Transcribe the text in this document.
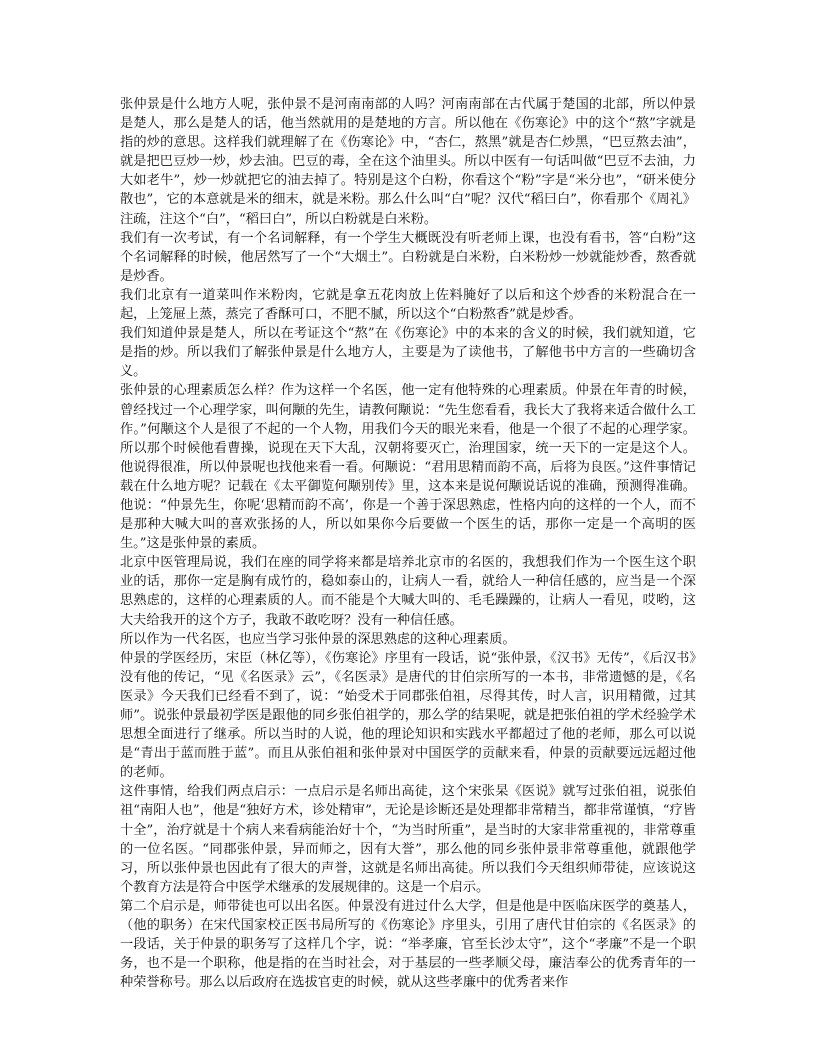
张仲景是什么地方人呢，张仲景不是河南南部的人吗？河南南部在古代属于楚国的北部，所以仲景是楚人，那么是楚人的话，他当然就用的是楚地的方言。所以他在《伤寒论》中的这个“熬”字就是指的炒的意思。这样我们就理解了在《伤寒论》中，“杏仁，熬黑”就是杏仁炒黑，“巴豆熬去油”，就是把巴豆炒一炒，炒去油。巴豆的毒，全在这个油里头。所以中医有一句话叫做“巴豆不去油，力大如老牛”，炒一炒就把它的油去掉了。特别是这个白粉，你看这个“粉”字是“米分也”，“研米使分散也”，它的本意就是米的细末，就是米粉。那么什么叫“白”呢？汉代“稻曰白”，你看那个《周礼》注疏，注这个“白”，“稻曰白”，所以白粉就是白米粉。

我们有一次考试，有一个名词解释，有一个学生大概既没有听老师上课，也没有看书，答“白粉”这个名词解释的时候，他居然写了一个“大烟土”。白粉就是白米粉，白米粉炒一炒就能炒香，熬香就是炒香。

我们北京有一道菜叫作米粉肉，它就是拿五花肉放上佐料腌好了以后和这个炒香的米粉混合在一起，上笼屉上蒸，蒸完了香酥可口，不肥不腻，所以这个“白粉熬香”就是炒香。

我们知道仲景是楚人，所以在考证这个“熬”在《伤寒论》中的本来的含义的时候，我们就知道，它是指的炒。所以我们了解张仲景是什么地方人，主要是为了读他书，了解他书中方言的一些确切含义。

张仲景的心理素质怎么样？作为这样一个名医，他一定有他特殊的心理素质。仲景在年青的时候，曾经找过一个心理学家，叫何颙的先生，请教何颙说：“先生您看看，我长大了我将来适合做什么工作。”何颙这个人是很了不起的一个人物，用我们今天的眼光来看，他是一个很了不起的心理学家。所以那个时候他看曹操，说现在天下大乱，汉朝将要灭亡，治理国家，统一天下的一定是这个人。他说得很准，所以仲景呢也找他来看一看。何颙说：“君用思精而韵不高，后将为良医。”这件事情记载在什么地方呢？记载在《太平御览何颙别传》里，这本来是说何颙说话说的准确，预测得准确。他说：“仲景先生，你呢‘思精而韵不高’，你是一个善于深思熟虑，性格内向的这样的一个人，而不是那种大喊大叫的喜欢张扬的人，所以如果你今后要做一个医生的话，那你一定是一个高明的医生。”这是张仲景的素质。

北京中医管理局说，我们在座的同学将来都是培养北京市的名医的，我想我们作为一个医生这个职业的话，那你一定是胸有成竹的，稳如泰山的，让病人一看，就给人一种信任感的，应当是一个深思熟虑的，这样的心理素质的人。而不能是个大喊大叫的、毛毛躁躁的，让病人一看见，哎哟，这大夫给我开的这个方子，我敢不敢吃呀？没有一种信任感。

所以作为一代名医，也应当学习张仲景的深思熟虑的这种心理素质。

仲景的学医经历，宋臣（林亿等），《伤寒论》序里有一段话，说“张仲景，《汉书》无传”，《后汉书》没有他的传记，“见《名医录》云”，《名医录》是唐代的甘伯宗所写的一本书，非常遗憾的是，《名医录》今天我们已经看不到了，说：“始受术于同郡张伯祖，尽得其传，时人言，识用精微，过其师”。说张仲景最初学医是跟他的同乡张伯祖学的，那么学的结果呢，就是把张伯祖的学术经验学术思想全面进行了继承。所以当时的人说，他的理论知识和实践水平都超过了他的老师，那么可以说是“青出于蓝而胜于蓝”。而且从张伯祖和张仲景对中国医学的贡献来看，仲景的贡献要远远超过他的老师。

这件事情，给我们两点启示：一点启示是名师出高徒，这个宋张杲《医说》就写过张伯祖，说张伯祖“南阳人也”，他是“独好方术，诊处精审”，无论是诊断还是处理都非常精当，都非常谨慎，“疗皆十全”，治疗就是十个病人来看病能治好十个，“为当时所重”，是当时的大家非常重视的，非常尊重的一位名医。“同郡张仲景，异而师之，因有大誉”，那么他的同乡张仲景非常尊重他，就跟他学习，所以张仲景也因此有了很大的声誉，这就是名师出高徒。所以我们今天组织师带徒，应该说这个教育方法是符合中医学术继承的发展规律的。这是一个启示。

第二个启示是，师带徒也可以出名医。仲景没有进过什么大学，但是他是中医临床医学的奠基人，（他的职务）在宋代国家校正医书局所写的《伤寒论》序里头，引用了唐代甘伯宗的《名医录》的一段话，关于仲景的职务写了这样几个字，说：“举孝廉，官至长沙太守”，这个“孝廉”不是一个职务，也不是一个职称，他是指的在当时社会，对于基层的一些孝顺父母，廉洁奉公的优秀青年的一种荣誉称号。那么以后政府在选拔官吏的时候，就从这些孝廉中的优秀者来作
